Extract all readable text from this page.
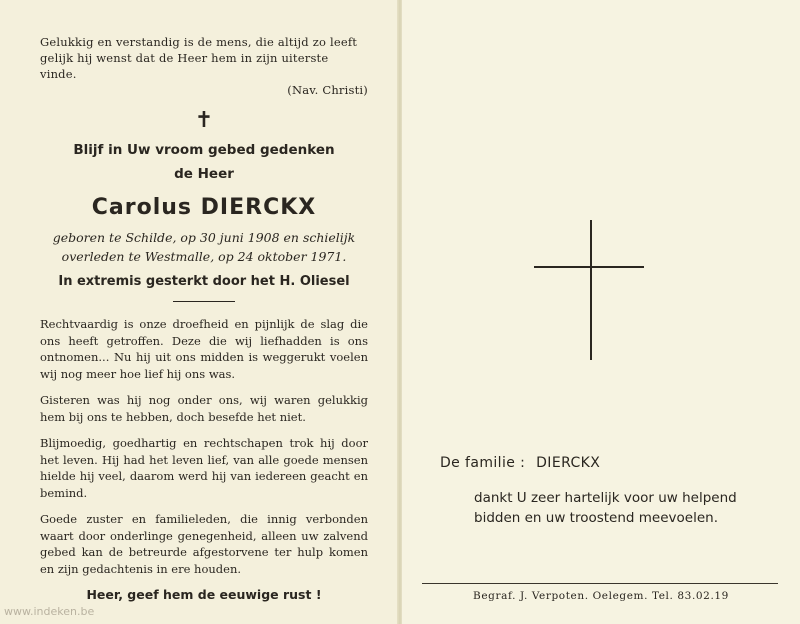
Gelukkig en verstandig is de mens, die altijd zo leeft

gelijk hij wenst dat de Heer hem in zijn uiterste vinde.

(Nav. Christi)

✝

Blijf in Uw vroom gebed gedenken

de Heer

Carolus DIERCKX

geboren te Schilde, op 30 juni 1908 en schielijk

overleden te Westmalle, op 24 oktober 1971.

In extremis gesterkt door het H. Oliesel

Rechtvaardig is onze droefheid en pijnlijk de slag die ons heeft getroffen. Deze die wij liefhadden is ons ontnomen... Nu hij uit ons midden is weggerukt voelen wij nog meer hoe lief hij ons was.

Gisteren was hij nog onder ons, wij waren gelukkig hem bij ons te hebben, doch besefde het niet.

Blijmoedig, goedhartig en rechtschapen trok hij door het leven. Hij had het leven lief, van alle goede mensen hielde hij veel, daarom werd hij van iedereen geacht en bemind.

Goede zuster en familieleden, die innig verbonden waart door onderlinge genegenheid, alleen uw zalvend gebed kan de betreurde afgestorvene ter hulp komen en zijn gedachtenis in ere houden.

Heer, geef hem de eeuwige rust !
De familie : DIERCKX
dankt U zeer hartelijk voor uw helpend
bidden en uw troostend meevoelen.
Begraf. J. Verpoten. Oelegem. Tel. 83.02.19
www.indeken.be
